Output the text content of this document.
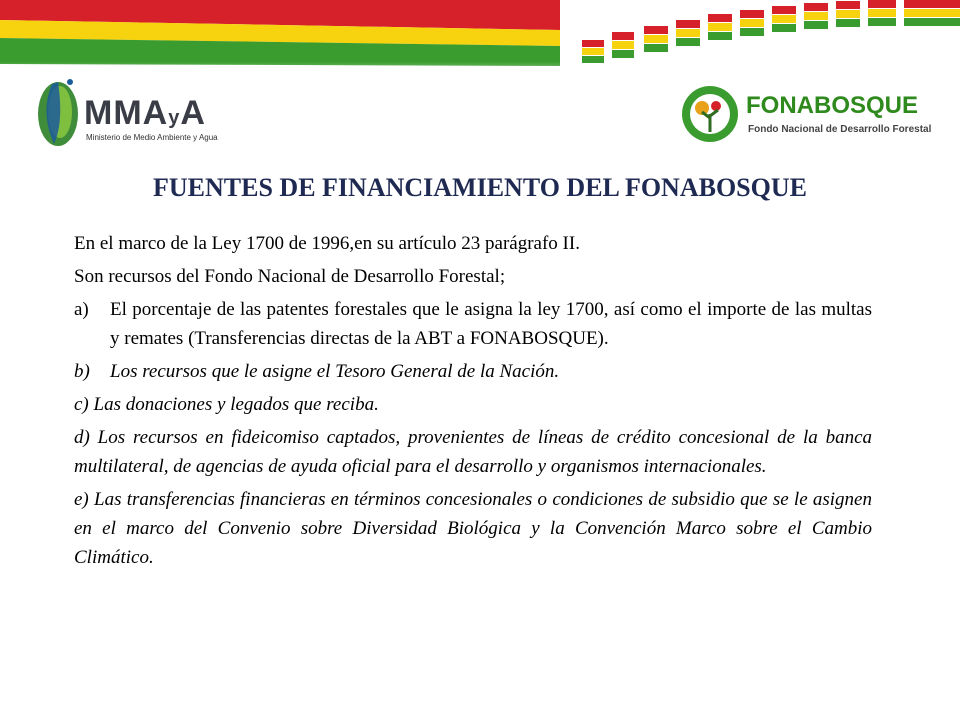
MMAyA
Ministerio de Medio Ambiente y Agua
FONABOSQUE
Fondo Nacional de Desarrollo Forestal
FUENTES DE FINANCIAMIENTO DEL FONABOSQUE

En el marco de la Ley 1700 de 1996,en su artículo 23 parágrafo II.

Son recursos del Fondo Nacional de Desarrollo Forestal;

a)	El porcentaje de las patentes forestales que le asigna la ley 1700, así como el importe de las multas y remates (Transferencias directas de la ABT a FONABOSQUE).
b)	Los recursos que le asigne el Tesoro General de la Nación.

c) Las donaciones y legados que reciba.

d) Los recursos en fideicomiso captados, provenientes de líneas de crédito concesional de la banca multilateral, de agencias de ayuda oficial para el desarrollo y organismos internacionales.

e) Las transferencias financieras en términos concesionales o condiciones de subsidio que se le asignen en el marco del Convenio sobre Diversidad Biológica y la Convención Marco sobre el Cambio Climático.
